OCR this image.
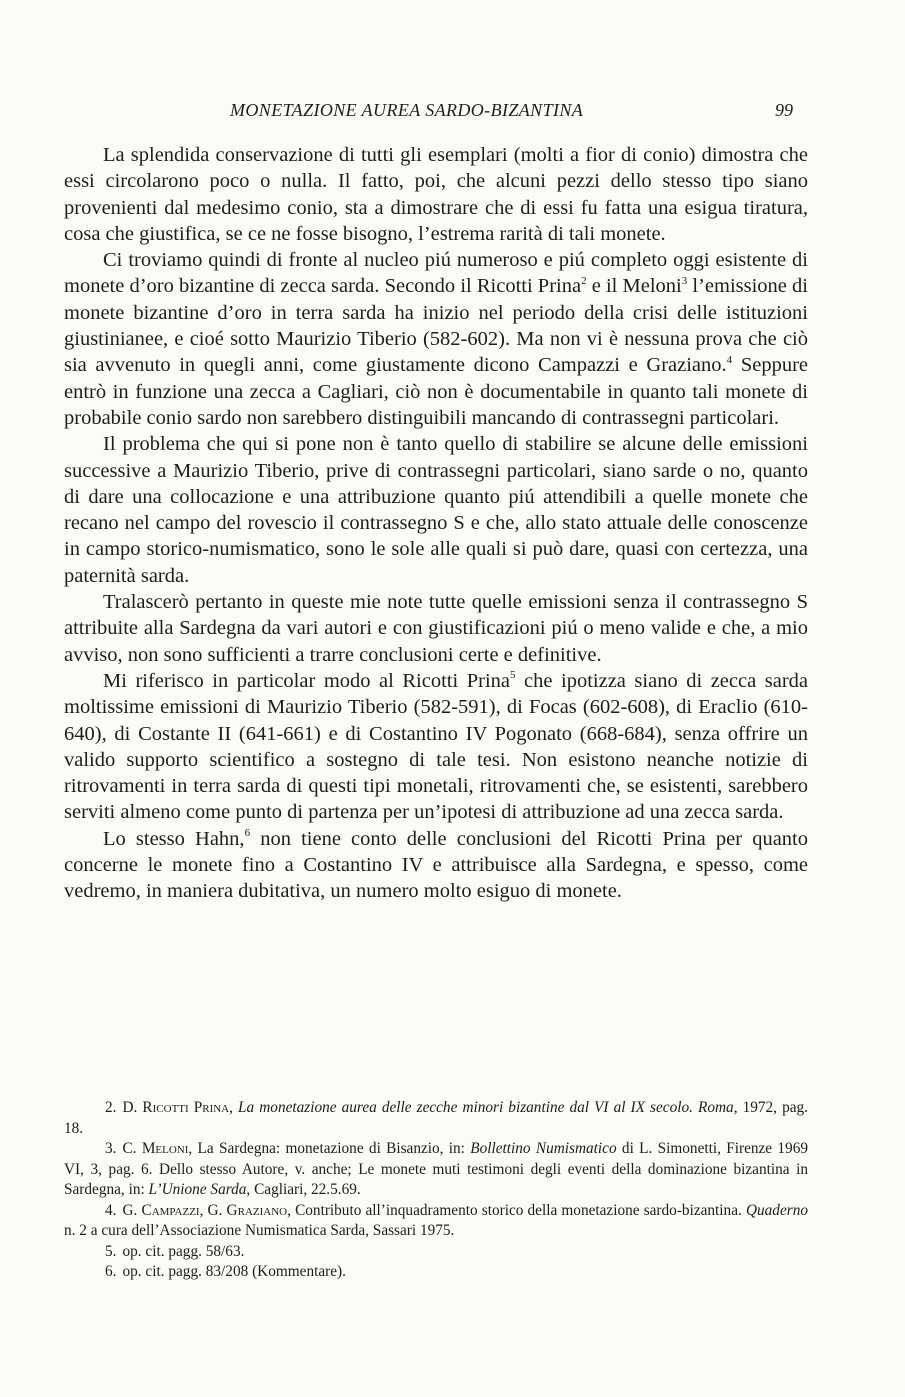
MONETAZIONE AUREA SARDO-BIZANTINA	99

La splendida conservazione di tutti gli esemplari (molti a fior di conio) dimostra che essi circolarono poco o nulla. Il fatto, poi, che alcuni pezzi dello stesso tipo siano provenienti dal medesimo conio, sta a dimostrare che di essi fu fatta una esigua tiratura, cosa che giustifica, se ce ne fosse bisogno, l’estrema rarità di tali monete.

Ci troviamo quindi di fronte al nucleo piú numeroso e piú completo oggi esistente di monete d’oro bizantine di zecca sarda. Secondo il Ricotti Prina$^2$ e il Meloni$^3$ l’emissione di monete bizantine d’oro in terra sarda ha inizio nel periodo della crisi delle istituzioni giustinianee, e cioé sotto Maurizio Tiberio (582-602). Ma non vi è nessuna prova che ciò sia avvenuto in quegli anni, come giustamente dicono Campazzi e Graziano.$^4$ Seppure entrò in funzione una zecca a Cagliari, ciò non è documentabile in quanto tali monete di probabile conio sardo non sarebbero distinguibili mancando di contrassegni particolari.

Il problema che qui si pone non è tanto quello di stabilire se alcune delle emissioni successive a Maurizio Tiberio, prive di contrassegni particolari, siano sarde o no, quanto di dare una collocazione e una attribuzione quanto piú attendibili a quelle monete che recano nel campo del rovescio il contrassegno S e che, allo stato attuale delle conoscenze in campo storico-numismatico, sono le sole alle quali si può dare, quasi con certezza, una paternità sarda.

Tralascerò pertanto in queste mie note tutte quelle emissioni senza il contrassegno S attribuite alla Sardegna da vari autori e con giustificazioni piú o meno valide e che, a mio avviso, non sono sufficienti a trarre conclusioni certe e definitive.

Mi riferisco in particolar modo al Ricotti Prina$^5$ che ipotizza siano di zecca sarda moltissime emissioni di Maurizio Tiberio (582-591), di Focas (602-608), di Eraclio (610-640), di Costante II (641-661) e di Costantino IV Pogonato (668-684), senza offrire un valido supporto scientifico a sostegno di tale tesi. Non esistono neanche notizie di ritrovamenti in terra sarda di questi tipi monetali, ritrovamenti che, se esistenti, sarebbero serviti almeno come punto di partenza per un’ipotesi di attribuzione ad una zecca sarda.

Lo stesso Hahn,$^6$ non tiene conto delle conclusioni del Ricotti Prina per quanto concerne le monete fino a Costantino IV e attribuisce alla Sardegna, e spesso, come vedremo, in maniera dubitativa, un numero molto esiguo di monete.

2. D. Ricotti Prina, La monetazione aurea delle zecche minori bizantine dal VI al IX secolo. Roma, 1972, pag. 18.

3. C. Meloni, La Sardegna: monetazione di Bisanzio, in: Bollettino Numismatico di L. Simonetti, Firenze 1969 VI, 3, pag. 6. Dello stesso Autore, v. anche; Le monete muti testimoni degli eventi della dominazione bizantina in Sardegna, in: L’Unione Sarda, Cagliari, 22.5.69.

4. G. Campazzi, G. Graziano, Contributo all’inquadramento storico della monetazione sardo-bizantina. Quaderno n. 2 a cura dell’Associazione Numismatica Sarda, Sassari 1975.

5. op. cit. pagg. 58/63.

6. op. cit. pagg. 83/208 (Kommentare).
